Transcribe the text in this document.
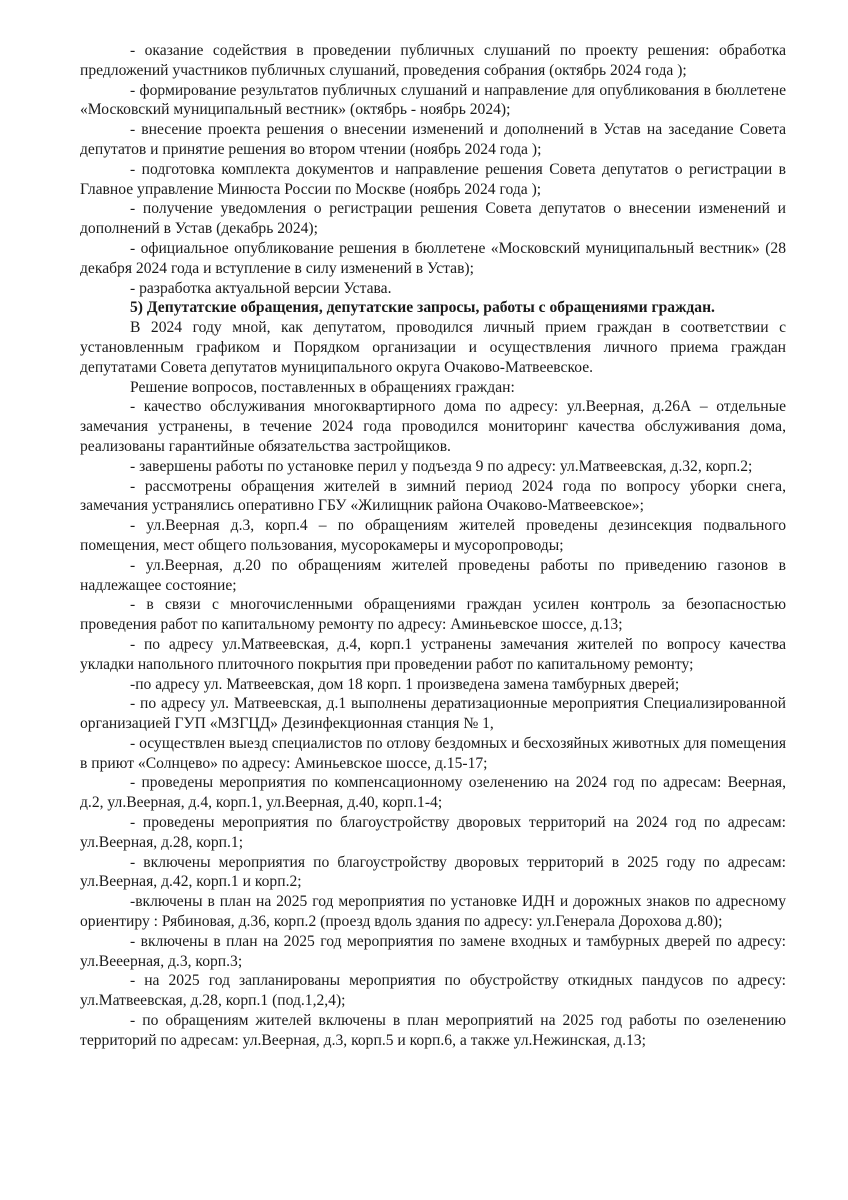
- оказание содействия в проведении публичных слушаний по проекту решения: обработка предложений участников публичных слушаний, проведения собрания (октябрь 2024 года );

- формирование результатов публичных слушаний и направление для опубликования в бюллетене «Московский муниципальный вестник» (октябрь - ноябрь 2024);

- внесение проекта решения о внесении изменений и дополнений в Устав на заседание Совета депутатов и принятие решения во втором чтении (ноябрь 2024 года );

- подготовка комплекта документов и направление решения Совета депутатов о регистрации в Главное управление Минюста России по Москве (ноябрь 2024 года );

- получение уведомления о регистрации решения Совета депутатов о внесении изменений и дополнений в Устав (декабрь 2024);

- официальное опубликование решения в бюллетене «Московский муниципальный вестник» (28 декабря 2024 года и вступление в силу изменений в Устав);

- разработка актуальной версии Устава.

5) Депутатские обращения, депутатские запросы, работы с обращениями граждан.

В 2024 году мной, как депутатом, проводился личный прием граждан в соответствии с установленным графиком и Порядком организации и осуществления личного приема граждан депутатами Совета депутатов муниципального округа Очаково-Матвеевское.

Решение вопросов, поставленных в обращениях граждан:

- качество обслуживания многоквартирного дома по адресу: ул.Веерная, д.26А – отдельные замечания устранены, в течение 2024 года проводился мониторинг качества обслуживания дома, реализованы гарантийные обязательства застройщиков.

- завершены работы по установке перил у подъезда 9 по адресу: ул.Матвеевская, д.32, корп.2;

- рассмотрены обращения жителей в зимний период 2024 года по вопросу уборки снега, замечания устранялись оперативно ГБУ «Жилищник района Очаково-Матвеевское»;

- ул.Веерная д.3, корп.4 – по обращениям жителей проведены дезинсекция подвального помещения, мест общего пользования, мусорокамеры и мусоропроводы;

- ул.Веерная, д.20 по обращениям жителей проведены работы по приведению газонов в надлежащее состояние;

- в связи с многочисленными обращениями граждан усилен контроль за безопасностью проведения работ по капитальному ремонту по адресу: Аминьевское шоссе, д.13;

- по адресу ул.Матвеевская, д.4, корп.1 устранены замечания жителей по вопросу качества укладки напольного плиточного покрытия при проведении работ по капитальному ремонту;

-по адресу ул. Матвеевская, дом 18 корп. 1 произведена замена тамбурных дверей;

- по адресу ул. Матвеевская, д.1 выполнены дератизационные мероприятия Специализированной организацией ГУП «МЗГЦД» Дезинфекционная станция № 1,

- осуществлен выезд специалистов по отлову бездомных и бесхозяйных животных для помещения в приют «Солнцево» по адресу: Аминьевское шоссе, д.15-17;

- проведены мероприятия по компенсационному озеленению на 2024 год по адресам: Веерная, д.2, ул.Веерная, д.4, корп.1, ул.Веерная, д.40, корп.1-4;

- проведены мероприятия по благоустройству дворовых территорий на 2024 год по адресам: ул.Веерная, д.28, корп.1;

- включены мероприятия по благоустройству дворовых территорий в 2025 году по адресам: ул.Веерная, д.42, корп.1 и корп.2;

-включены в план на 2025 год мероприятия по установке ИДН и дорожных знаков по адресному ориентиру : Рябиновая, д.36, корп.2 (проезд вдоль здания по адресу: ул.Генерала Дорохова д.80);

- включены в план на 2025 год мероприятия по замене входных и тамбурных дверей по адресу: ул.Вееерная, д.3, корп.3;

- на 2025 год запланированы мероприятия по обустройству откидных пандусов по адресу: ул.Матвеевская, д.28, корп.1 (под.1,2,4);

- по обращениям жителей включены в план мероприятий на 2025 год работы по озеленению территорий по адресам: ул.Веерная, д.3, корп.5 и корп.6, а также ул.Нежинская, д.13;
